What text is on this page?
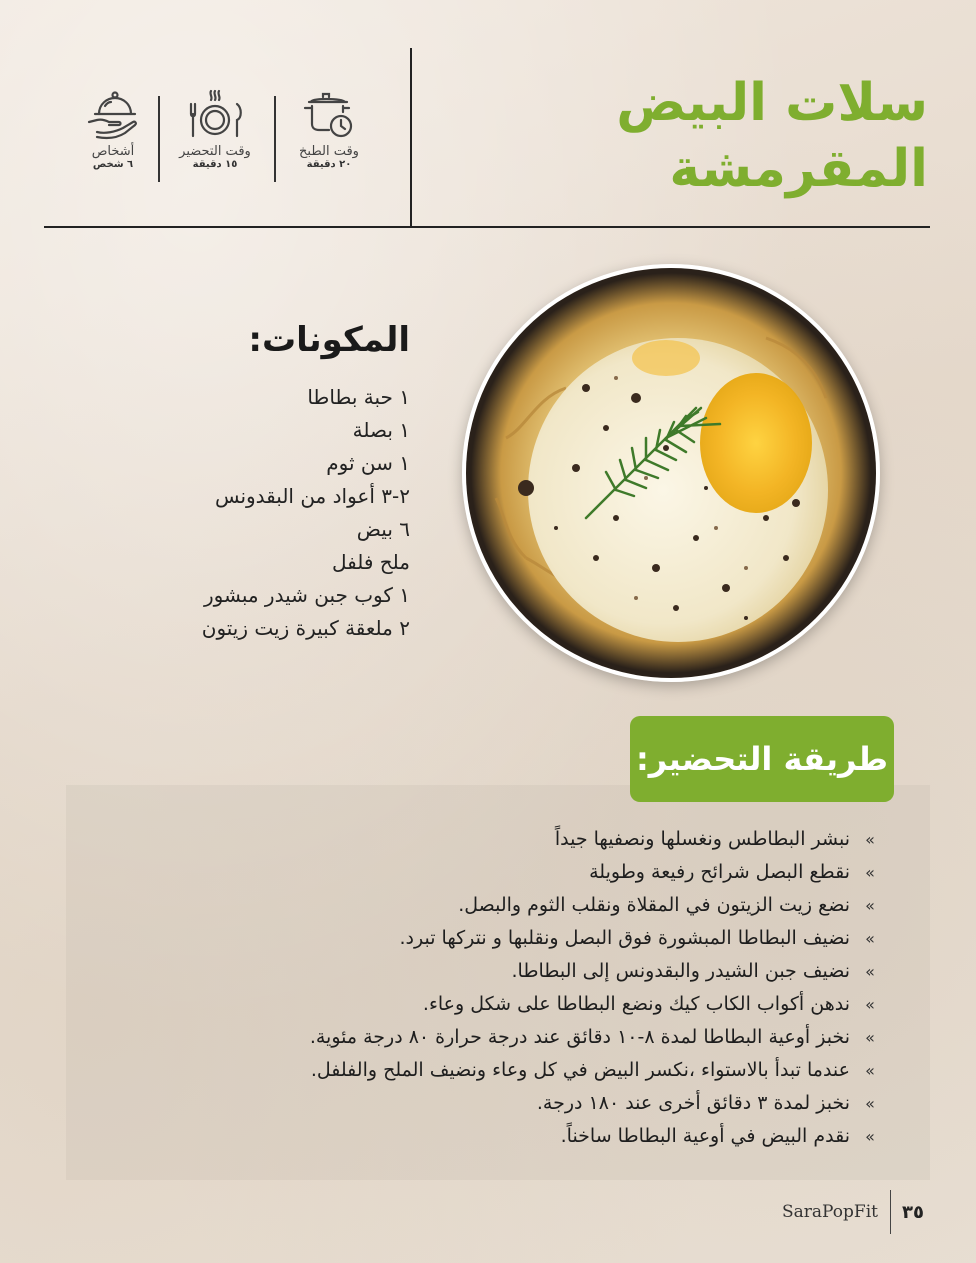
سلات البيض
المقرمشة
وقت الطبخ
٢٠ دقيقة
وقت التحضير
١٥ دقيقة
أشخاص
٦ شخص
المكونات:
١ حبة بطاطا
١ بصلة
١ سن ثوم
٢-٣ أعواد من البقدونس
٦ بيض
ملح فلفل
١ كوب جبن شيدر مبشور
٢ ملعقة كبيرة زيت زيتون
طريقة التحضير:
»نبشر البطاطس ونغسلها ونصفيها جيداً
»نقطع البصل شرائح رفيعة وطويلة
»نضع زيت الزيتون في المقلاة ونقلب الثوم والبصل.
»نضيف البطاطا المبشورة فوق البصل ونقلبها و نتركها تبرد.
»نضيف جبن الشيدر والبقدونس إلى البطاطا.
»ندهن أكواب الكاب كيك ونضع البطاطا على شكل وعاء.
»نخبز أوعية البطاطا لمدة ٨-١٠ دقائق عند درجة حرارة ٨٠ درجة مئوية.
»عندما تبدأ بالاستواء ،نكسر البيض في كل وعاء ونضيف الملح والفلفل.
»نخبز لمدة ٣ دقائق أخرى عند ١٨٠ درجة.
»نقدم البيض في أوعية البطاطا ساخناً.
SaraPopFit ٣٥
